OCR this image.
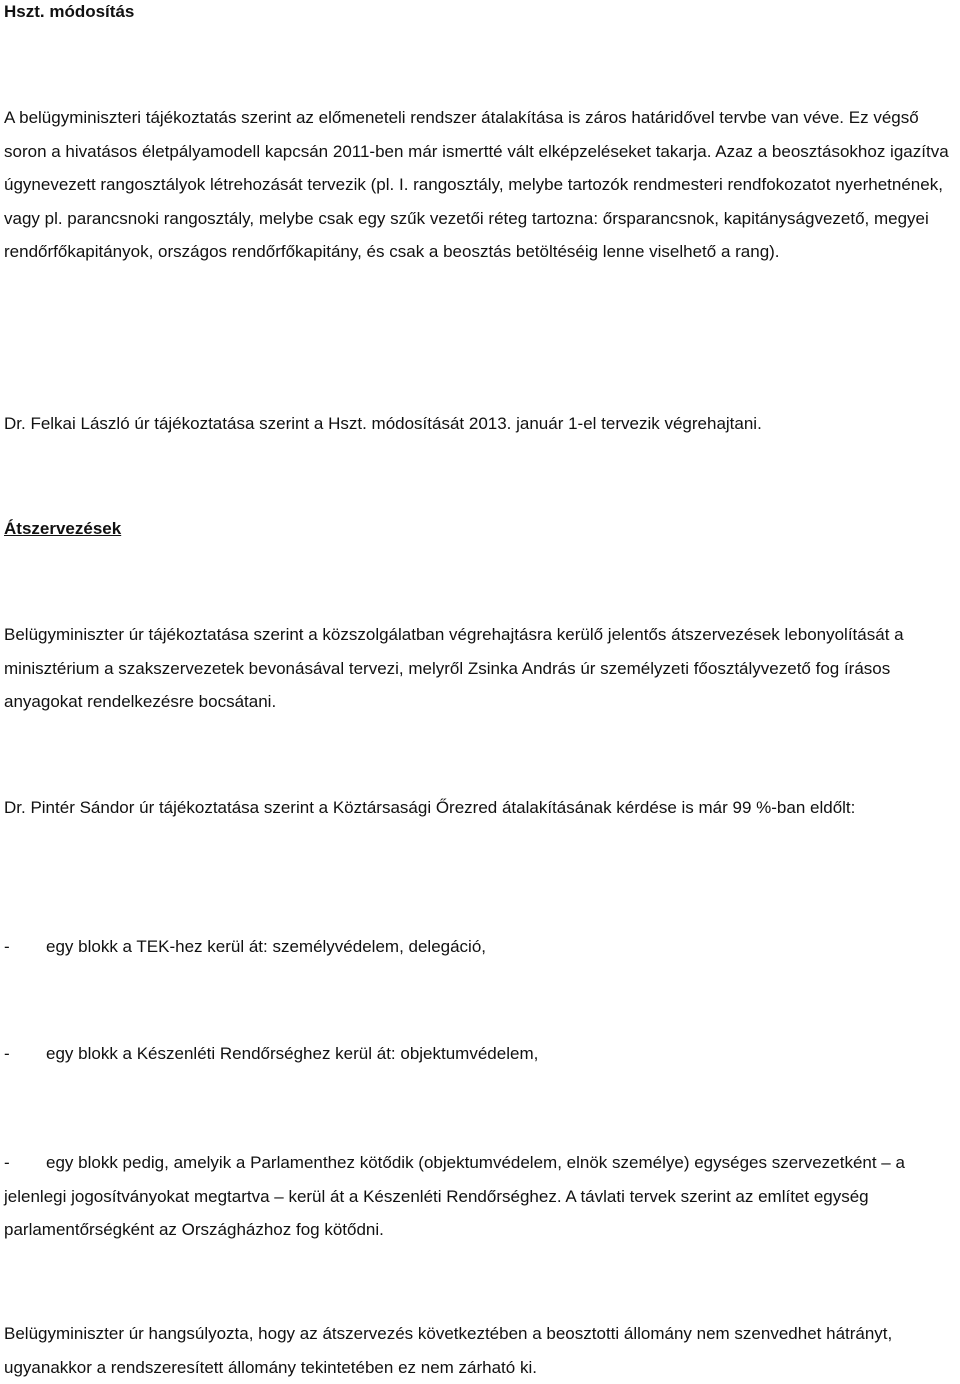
Hszt. módosítás

A belügyminiszteri tájékoztatás szerint az előmeneteli rendszer átalakítása is záros határidővel tervbe van véve. Ez végső soron a hivatásos életpályamodell kapcsán 2011-ben már ismertté vált elképzeléseket takarja. Azaz a beosztásokhoz igazítva úgynevezett rangosztályok létrehozását tervezik (pl. I. rangosztály, melybe tartozók rendmesteri rendfokozatot nyerhetnének, vagy pl. parancsnoki rangosztály, melybe csak egy szűk vezetői réteg tartozna: őrsparancsnok, kapitányságvezető, megyei rendőrfőkapitányok, országos rendőrfőkapitány, és csak a beosztás betöltéséig lenne viselhető a rang).

Dr. Felkai László úr tájékoztatása szerint a Hszt. módosítását 2013. január 1-el tervezik végrehajtani.

Átszervezések

Belügyminiszter úr tájékoztatása szerint a közszolgálatban végrehajtásra kerülő jelentős átszervezések lebonyolítását a minisztérium a szakszervezetek bevonásával tervezi, melyről Zsinka András úr személyzeti főosztályvezető fog írásos anyagokat rendelkezésre bocsátani.

Dr. Pintér Sándor úr tájékoztatása szerint a Köztársasági Őrezred átalakításának kérdése is már 99 %-ban eldőlt:

- egy blokk a TEK-hez kerül át: személyvédelem, delegáció,

- egy blokk a Készenléti Rendőrséghez kerül át: objektumvédelem,

- egy blokk pedig, amelyik a Parlamenthez kötődik (objektumvédelem, elnök személye) egységes szervezetként – a jelenlegi jogosítványokat megtartva – kerül át a Készenléti Rendőrséghez. A távlati tervek szerint az említet egység parlamentőrségként az Országházhoz fog kötődni.

Belügyminiszter úr hangsúlyozta, hogy az átszervezés következtében a beosztotti állomány nem szenvedhet hátrányt, ugyanakkor a rendszeresített állomány tekintetében ez nem zárható ki.
